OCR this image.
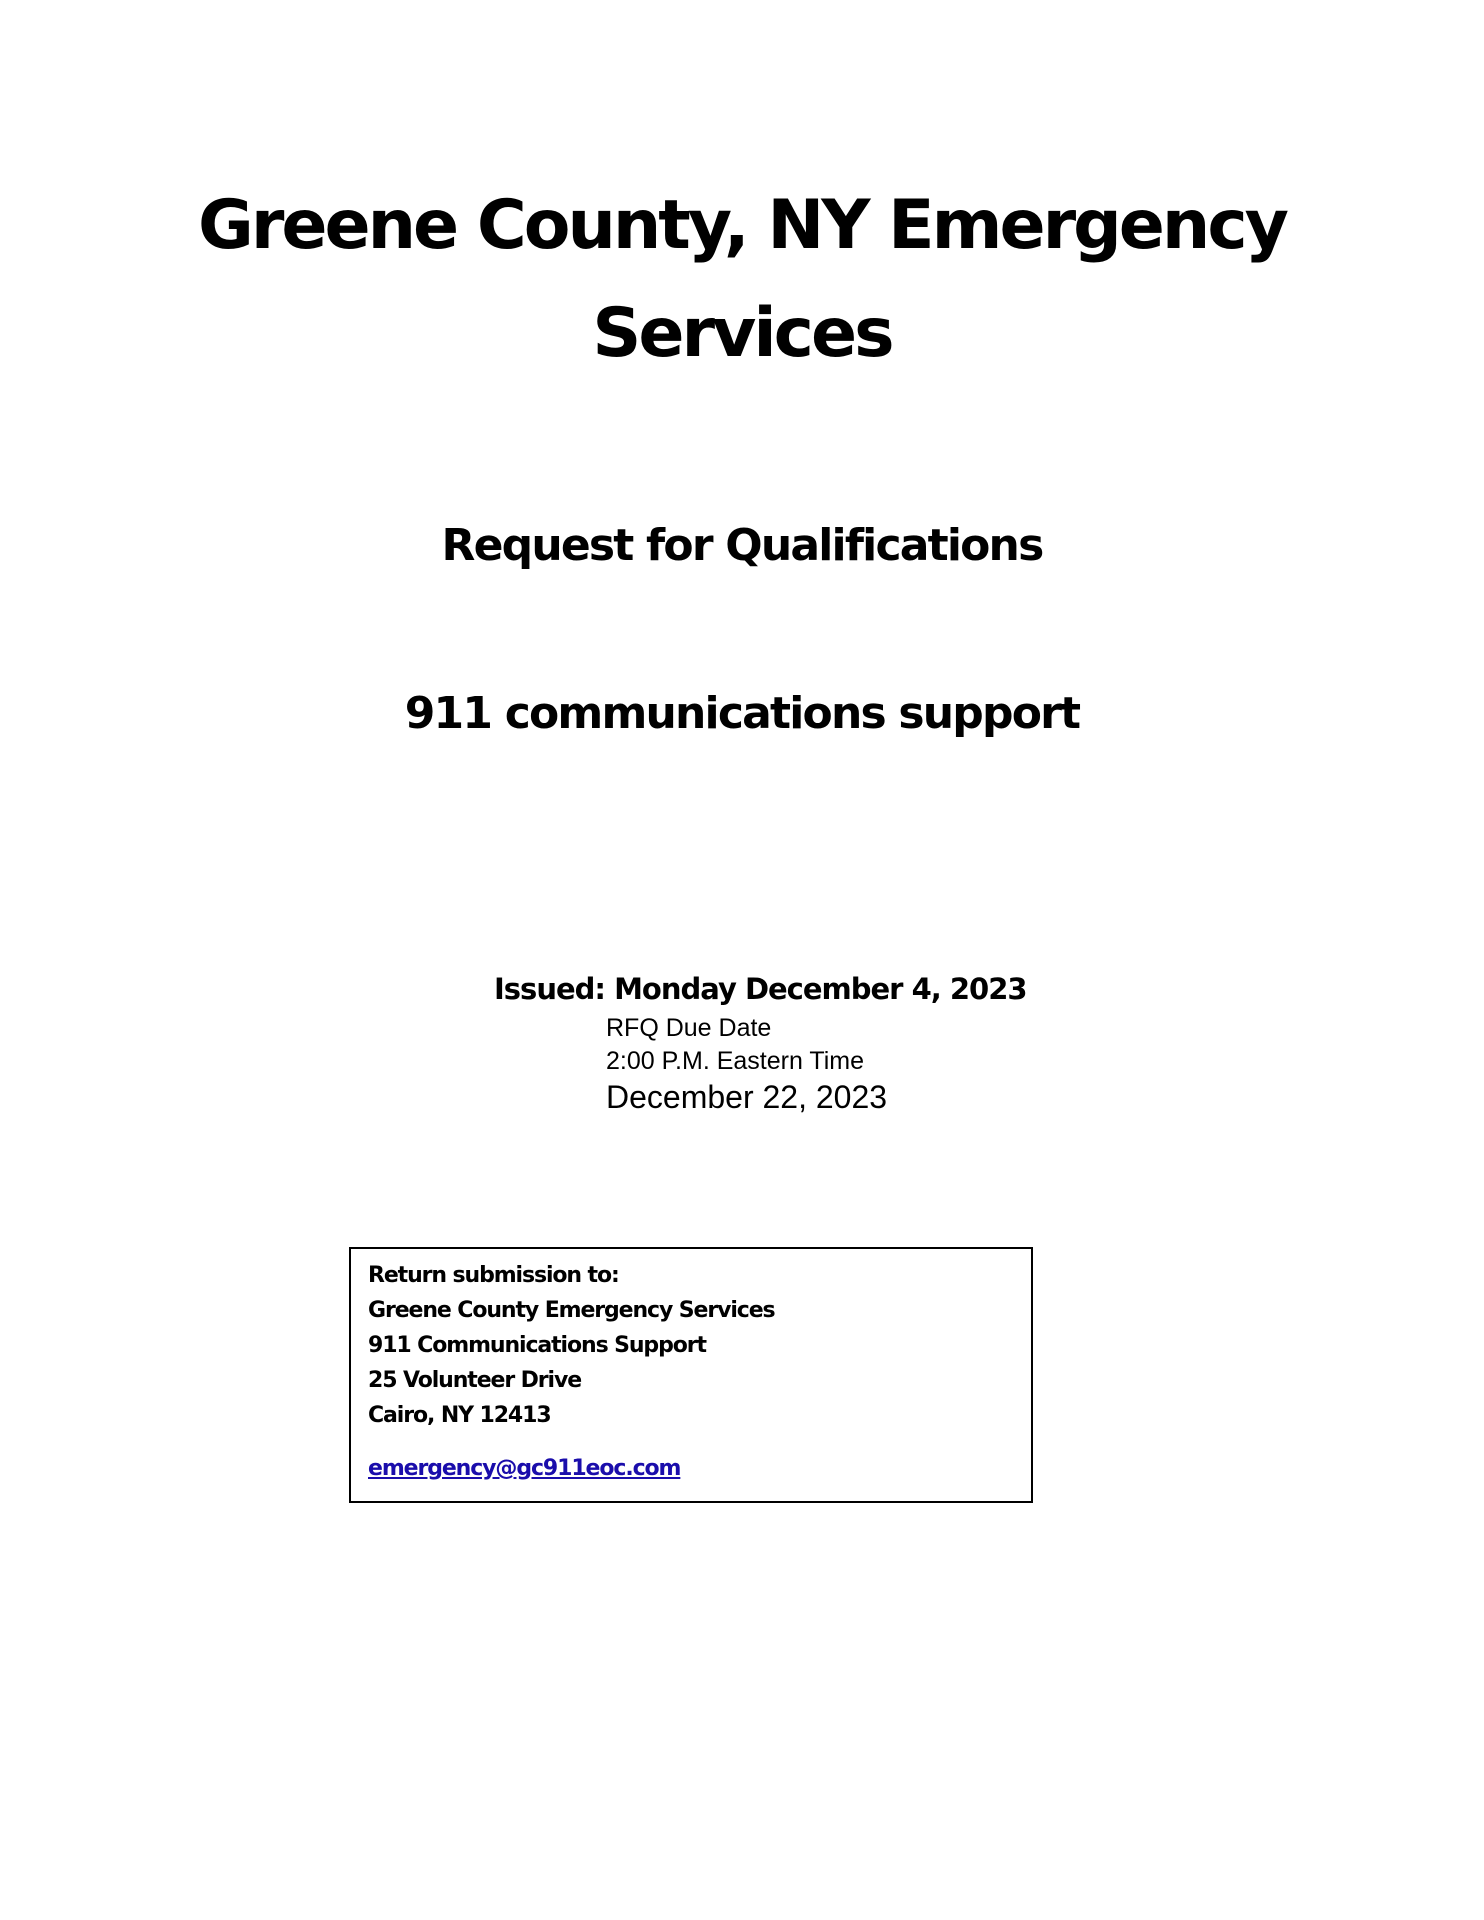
Greene County, NY Emergency
Services
Request for Qualifications
911 communications support
Issued: Monday December 4, 2023
RFQ Due Date
2:00 P.M. Eastern Time
December 22, 2023
Return submission to:
Greene County Emergency Services
911 Communications Support
25 Volunteer Drive
Cairo, NY 12413
emergency@gc911eoc.com
